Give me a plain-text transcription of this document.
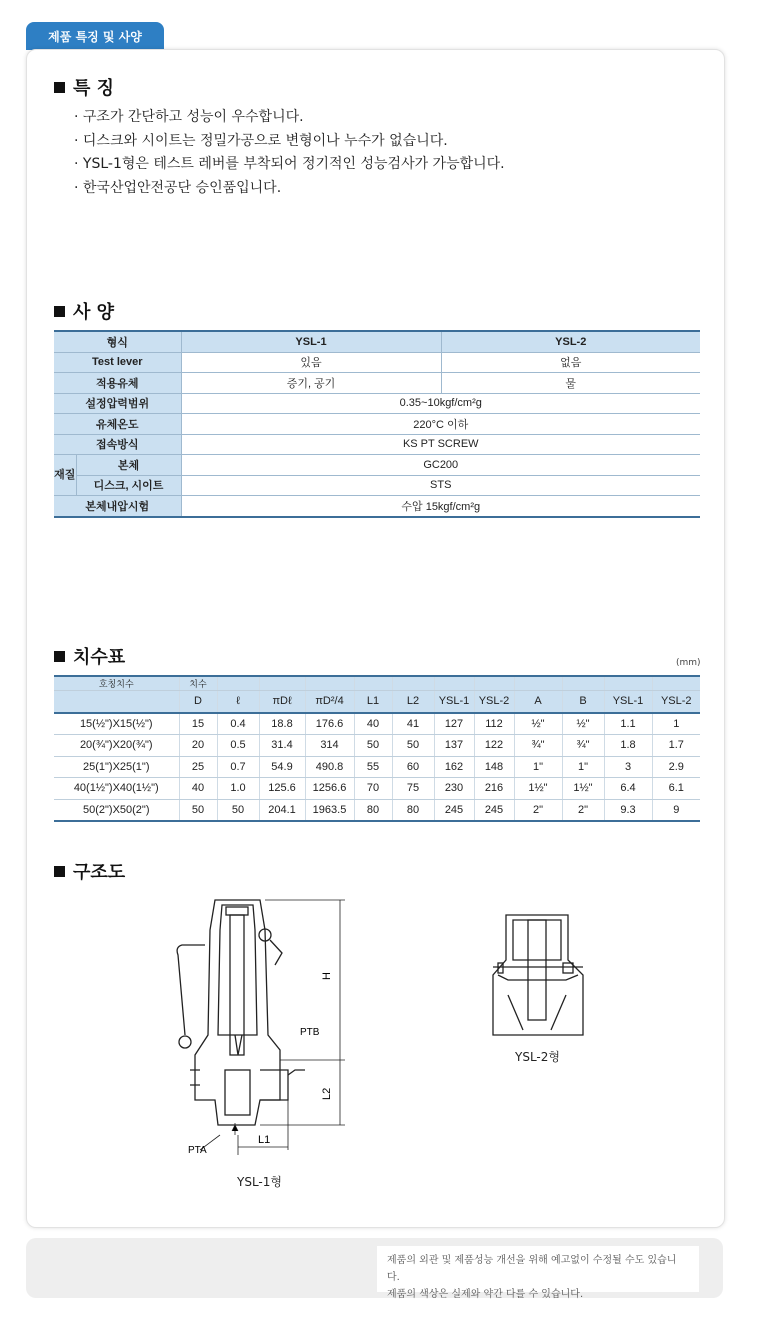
제품 특징 및 사양
특 징
· 구조가 간단하고 성능이 우수합니다.
· 디스크와 시이트는 정밀가공으로 변형이나 누수가 없습니다.
· YSL-1형은 테스트 레버를 부착되어 정기적인 성능검사가 가능합니다.
· 한국산업안전공단 승인품입니다.
사 양
형식		YSL-1	YSL-2
Test lever		있음	없음
적용유체		증기, 공기	물
설정압력범위		0.35~10kgf/cm²g	
유체온도		220°C 이하	
접속방식		KS PT SCREW	
재질	본체	GC200	
	디스크, 시이트	STS	
본체내압시험		수압 15kgf/cm²g	
치수표	(mm)
호칭치수	치수											
	D	ℓ	πDℓ	πD²/4	L1	L2	YSL-1	YSL-2	A	B	YSL-1	YSL-2
15(½")X15(½")	15	0.4	18.8	176.6	40	41	127	112	½"	½"	1.1	1
20(¾")X20(¾")	20	0.5	31.4	314	50	50	137	122	¾"	¾"	1.8	1.7
25(1")X25(1")	25	0.7	54.9	490.8	55	60	162	148	1"	1"	3	2.9
40(1½")X40(1½")	40	1.0	125.6	1256.6	70	75	230	216	1½"	1½"	6.4	6.1
50(2")X50(2")	50	50	204.1	1963.5	80	80	245	245	2"	2"	9.3	9
구조도
H
L2
L1
PTA
PTB
YSL-1형
YSL-2형
제품의 외관 및 제품성능 개선을 위해 예고없이 수정될 수도 있습니다.
제품의 색상은 실제와 약간 다를 수 있습니다.
